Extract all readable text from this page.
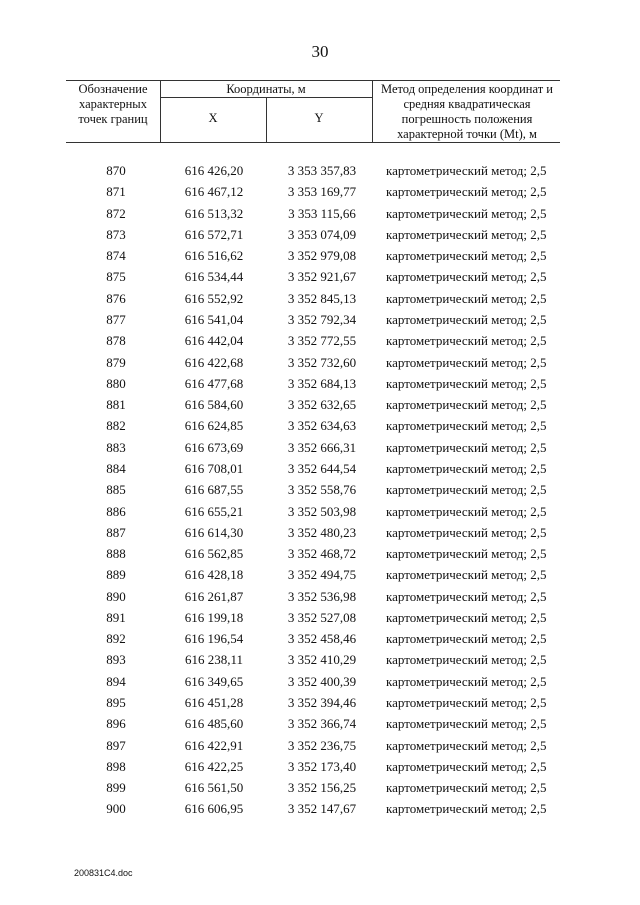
30
Обозначение характерных точек границ
Координаты, м
X	Y
Метод определения координат и средняя квадратическая погрешность положения характерной точки (Mt), м
870	616 426,20	3 353 357,83	картометрический метод; 2,5
871	616 467,12	3 353 169,77	картометрический метод; 2,5
872	616 513,32	3 353 115,66	картометрический метод; 2,5
873	616 572,71	3 353 074,09	картометрический метод; 2,5
874	616 516,62	3 352 979,08	картометрический метод; 2,5
875	616 534,44	3 352 921,67	картометрический метод; 2,5
876	616 552,92	3 352 845,13	картометрический метод; 2,5
877	616 541,04	3 352 792,34	картометрический метод; 2,5
878	616 442,04	3 352 772,55	картометрический метод; 2,5
879	616 422,68	3 352 732,60	картометрический метод; 2,5
880	616 477,68	3 352 684,13	картометрический метод; 2,5
881	616 584,60	3 352 632,65	картометрический метод; 2,5
882	616 624,85	3 352 634,63	картометрический метод; 2,5
883	616 673,69	3 352 666,31	картометрический метод; 2,5
884	616 708,01	3 352 644,54	картометрический метод; 2,5
885	616 687,55	3 352 558,76	картометрический метод; 2,5
886	616 655,21	3 352 503,98	картометрический метод; 2,5
887	616 614,30	3 352 480,23	картометрический метод; 2,5
888	616 562,85	3 352 468,72	картометрический метод; 2,5
889	616 428,18	3 352 494,75	картометрический метод; 2,5
890	616 261,87	3 352 536,98	картометрический метод; 2,5
891	616 199,18	3 352 527,08	картометрический метод; 2,5
892	616 196,54	3 352 458,46	картометрический метод; 2,5
893	616 238,11	3 352 410,29	картометрический метод; 2,5
894	616 349,65	3 352 400,39	картометрический метод; 2,5
895	616 451,28	3 352 394,46	картометрический метод; 2,5
896	616 485,60	3 352 366,74	картометрический метод; 2,5
897	616 422,91	3 352 236,75	картометрический метод; 2,5
898	616 422,25	3 352 173,40	картометрический метод; 2,5
899	616 561,50	3 352 156,25	картометрический метод; 2,5
900	616 606,95	3 352 147,67	картометрический метод; 2,5
200831C4.doc
